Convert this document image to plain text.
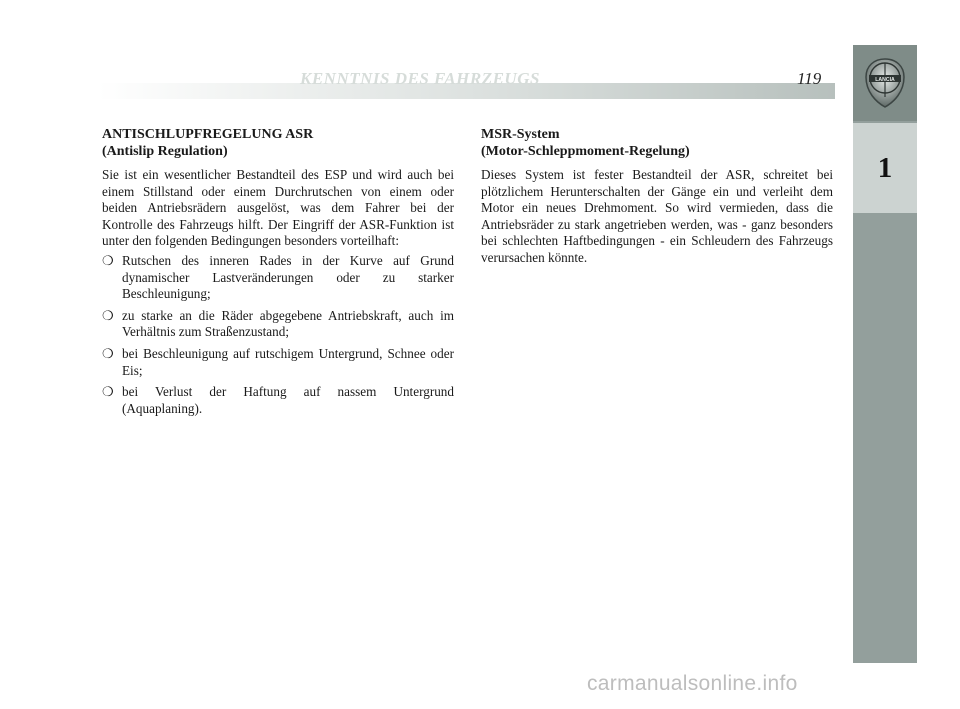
KENNTNIS DES FAHRZEUGS	119	LANCIA
1
ANTISCHLUPFREGELUNG ASR
(Antislip Regulation)

Sie ist ein wesentlicher Bestandteil des ESP und wird auch bei einem Stillstand oder einem Durchrutschen von einem oder beiden Antriebsrädern ausgelöst, was dem Fahrer bei der Kontrolle des Fahrzeugs hilft. Der Eingriff der ASR-Funktion ist unter den folgenden Bedingungen besonders vorteilhaft:

❍ Rutschen des inneren Rades in der Kurve auf Grund dynamischer Lastveränderungen oder zu starker Beschleunigung;
❍ zu starke an die Räder abgegebene Antriebskraft, auch im Verhältnis zum Straßenzustand;
❍ bei Beschleunigung auf rutschigem Untergrund, Schnee oder Eis;
❍ bei Verlust der Haftung auf nassem Untergrund (Aquaplaning).
MSR-System
(Motor-Schleppmoment-Regelung)

Dieses System ist fester Bestandteil der ASR, schreitet bei plötzlichem Herunterschalten der Gänge ein und verleiht dem Motor ein neues Drehmoment. So wird vermieden, dass die Antriebsräder zu stark angetrieben werden, was - ganz besonders bei schlechten Haftbedingungen - ein Schleudern des Fahrzeugs verursachen könnte.

carmanualsonline.info
